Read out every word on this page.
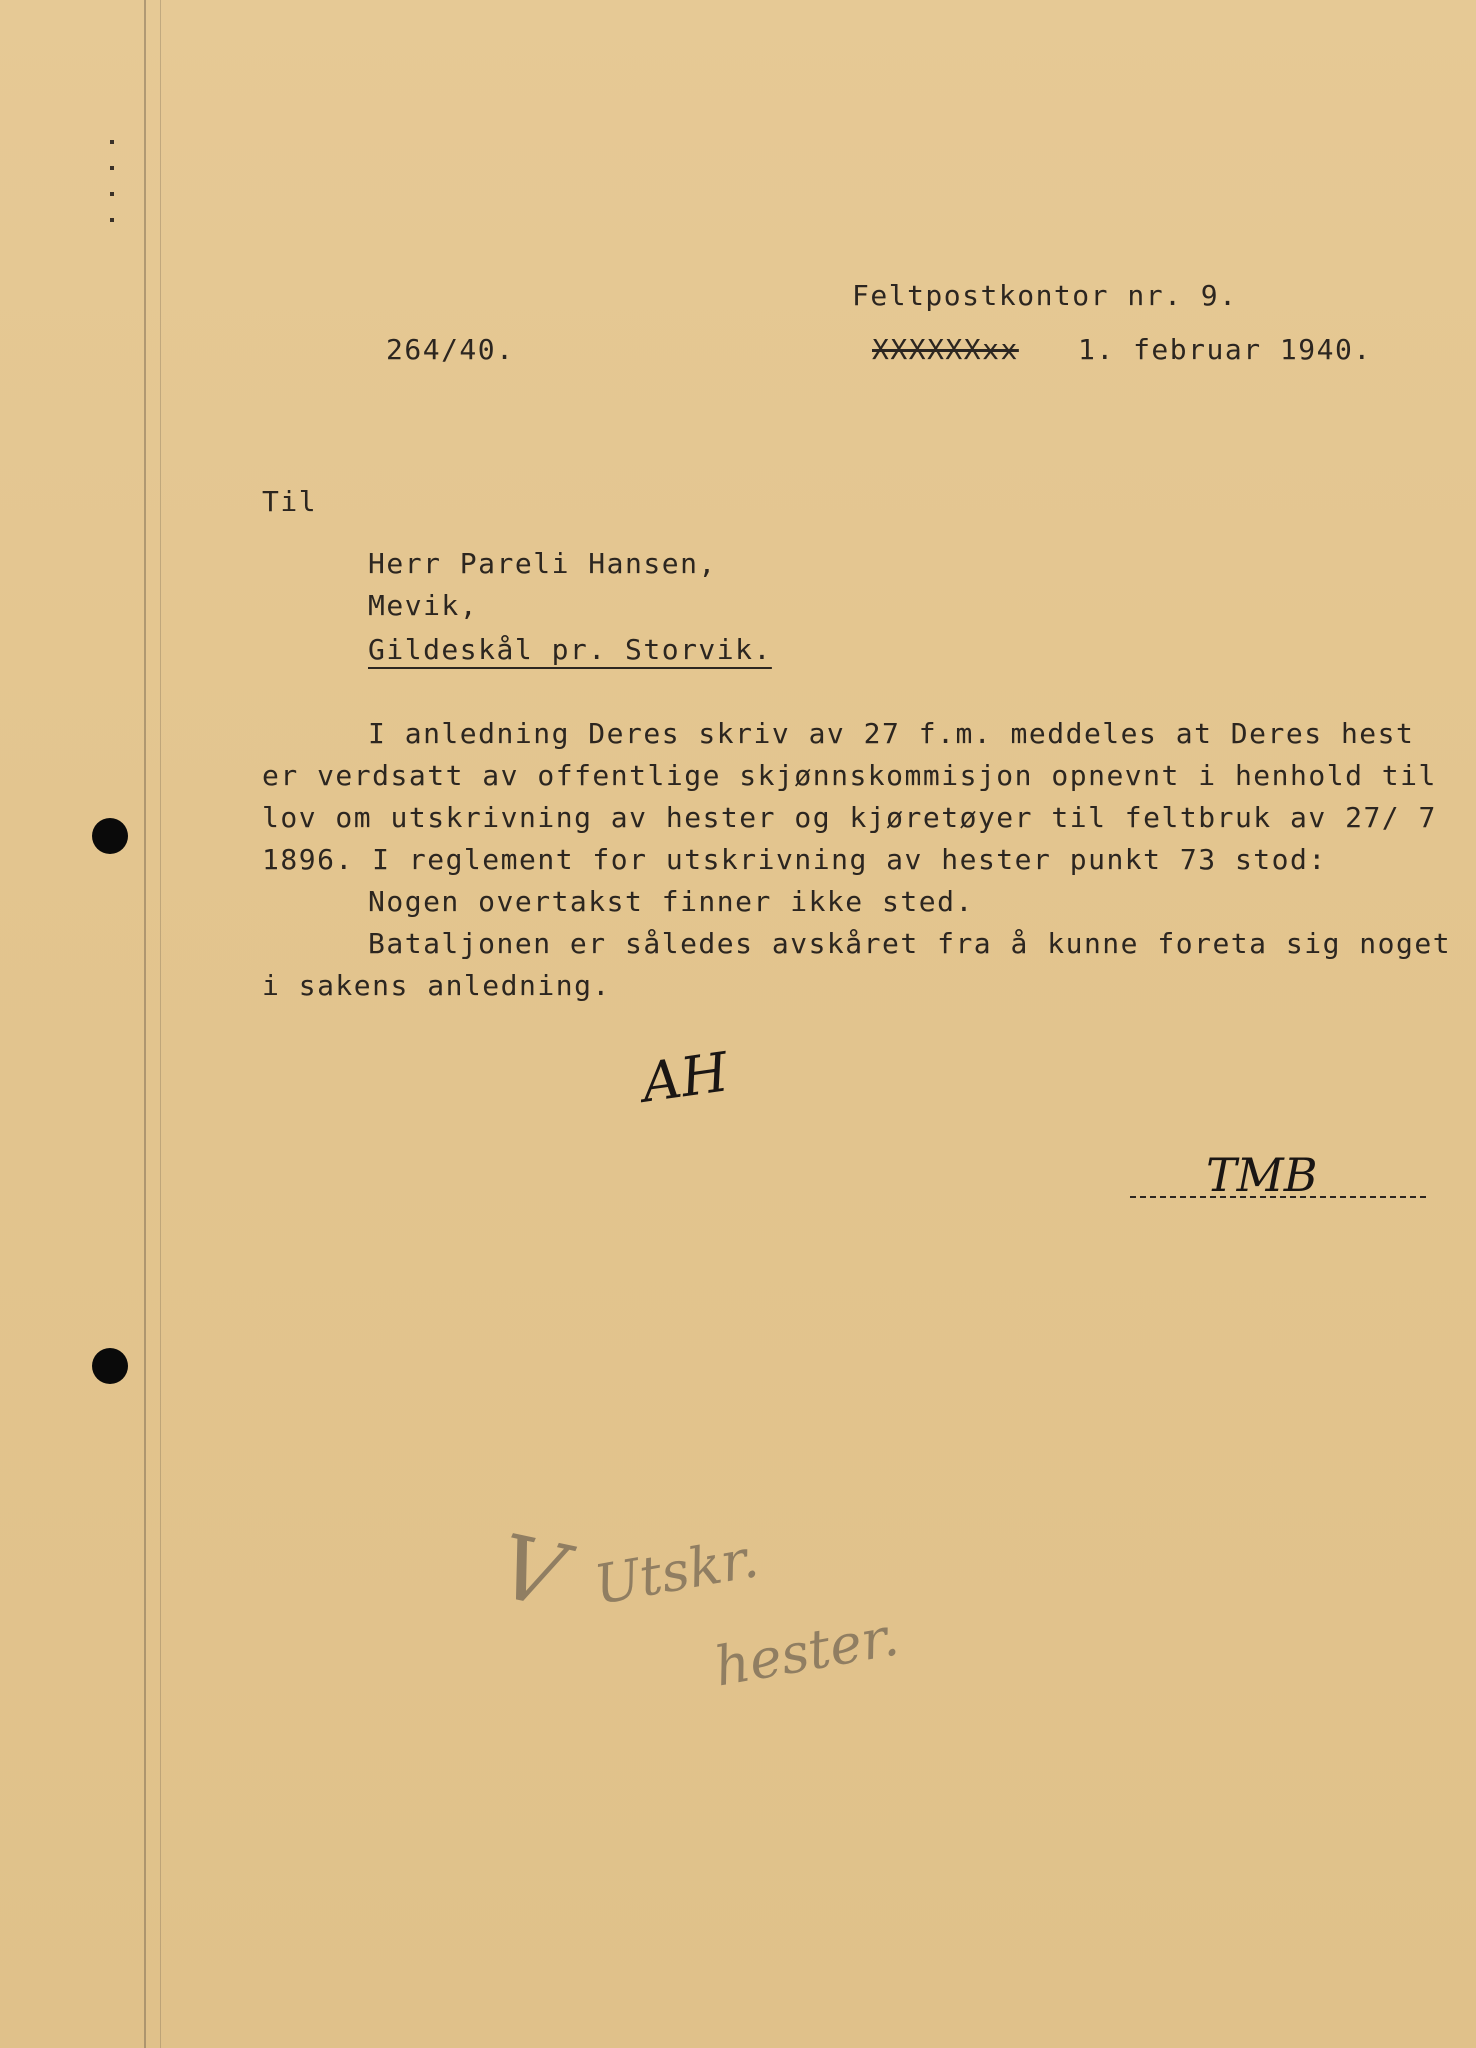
Feltpostkontor nr. 9.
264/40.	XXXXXXxx 1. februar 1940.
Til
Herr Pareli Hansen,
Mevik,
Gildeskål pr. Storvik.
I anledning Deres skriv av 27 f.m. meddeles at Deres hest
er verdsatt av offentlige skjønnskommisjon opnevnt i henhold til
lov om utskrivning av hester og kjøretøyer til feltbruk av 27/ 7
1896. I reglement for utskrivning av hester punkt 73 stod:
Nogen overtakst finner ikke sted.
Bataljonen er således avskåret fra å kunne foreta sig noget
i sakens anledning.
AH
TMB
V Utskr.
hester.
